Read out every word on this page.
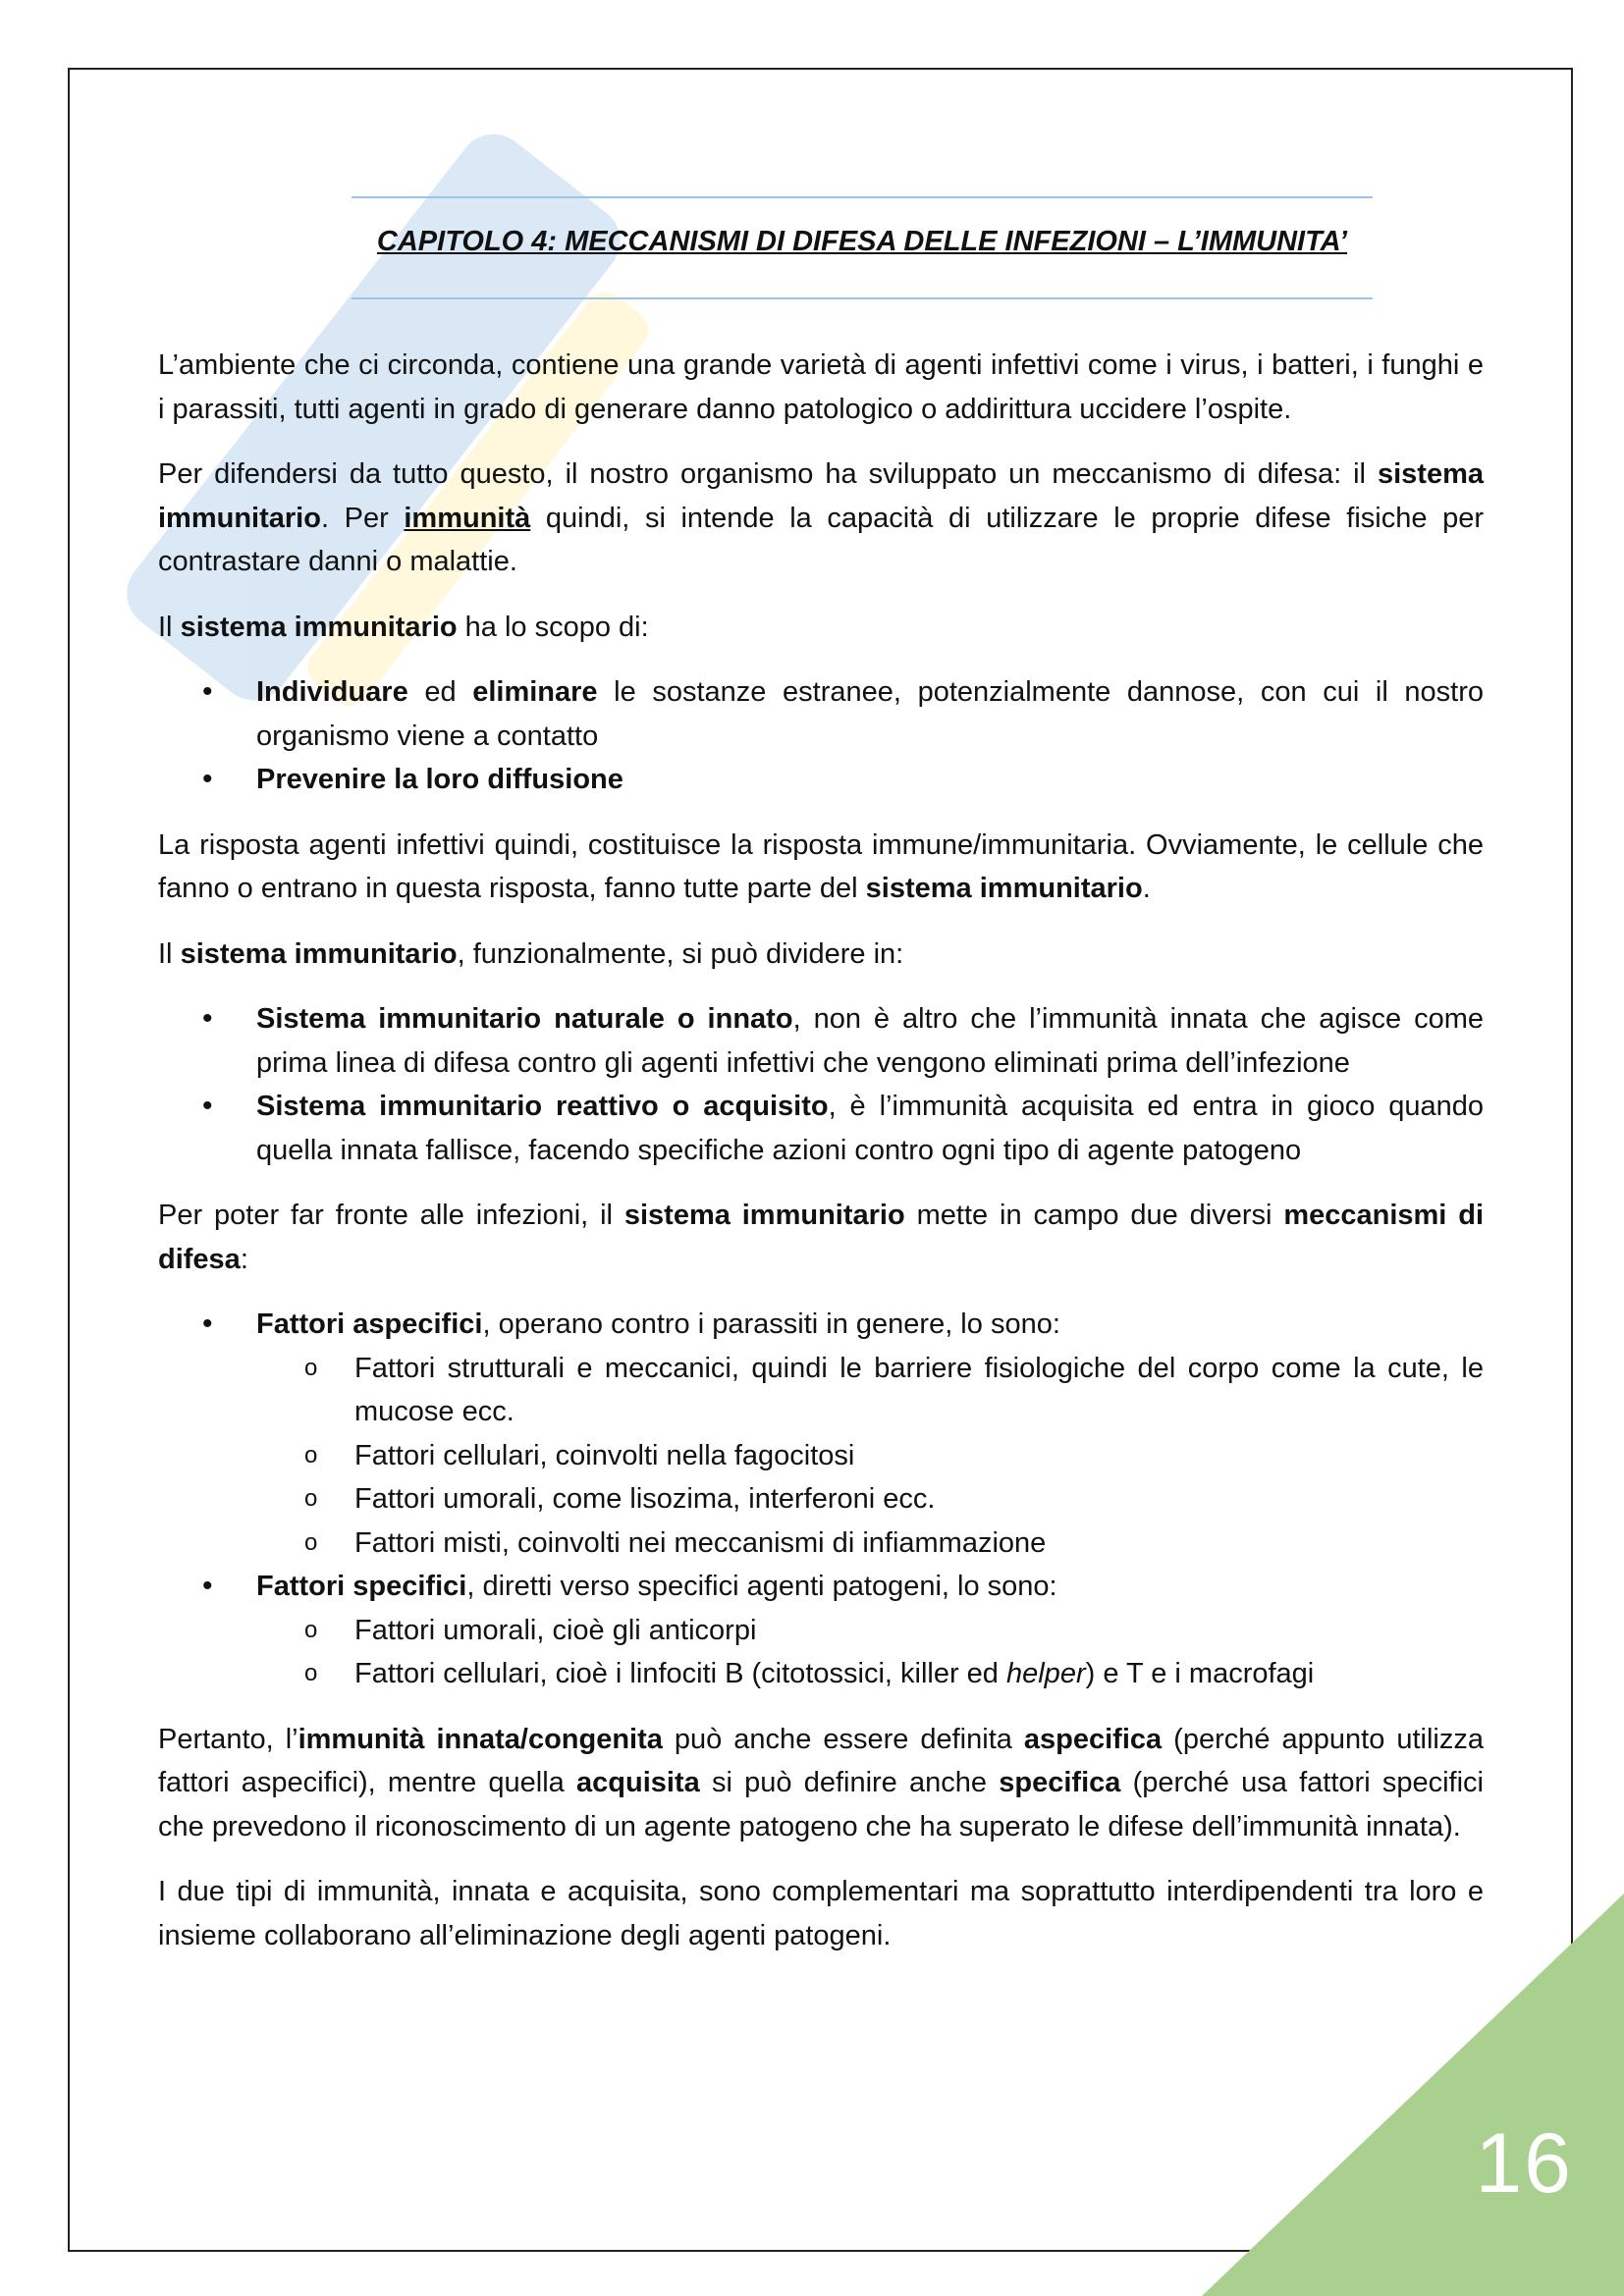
16
CAPITOLO 4: MECCANISMI DI DIFESA DELLE INFEZIONI – L’IMMUNITA’

L’ambiente che ci circonda, contiene una grande varietà di agenti infettivi come i virus, i batteri, i funghi e i parassiti, tutti agenti in grado di generare danno patologico o addirittura uccidere l’ospite.

Per difendersi da tutto questo, il nostro organismo ha sviluppato un meccanismo di difesa: il sistema immunitario. Per immunità quindi, si intende la capacità di utilizzare le proprie difese fisiche per contrastare danni o malattie.

Il sistema immunitario ha lo scopo di:

• Individuare ed eliminare le sostanze estranee, potenzialmente dannose, con cui il nostro organismo viene a contatto
• Prevenire la loro diffusione

La risposta agenti infettivi quindi, costituisce la risposta immune/immunitaria. Ovviamente, le cellule che fanno o entrano in questa risposta, fanno tutte parte del sistema immunitario.

Il sistema immunitario, funzionalmente, si può dividere in:

• Sistema immunitario naturale o innato, non è altro che l’immunità innata che agisce come prima linea di difesa contro gli agenti infettivi che vengono eliminati prima dell’infezione
• Sistema immunitario reattivo o acquisito, è l’immunità acquisita ed entra in gioco quando quella innata fallisce, facendo specifiche azioni contro ogni tipo di agente patogeno

Per poter far fronte alle infezioni, il sistema immunitario mette in campo due diversi meccanismi di difesa:

• Fattori aspecifici, operano contro i parassiti in genere, lo sono:
o Fattori strutturali e meccanici, quindi le barriere fisiologiche del corpo come la cute, le mucose ecc.
o Fattori cellulari, coinvolti nella fagocitosi
o Fattori umorali, come lisozima, interferoni ecc.
o Fattori misti, coinvolti nei meccanismi di infiammazione
• Fattori specifici, diretti verso specifici agenti patogeni, lo sono:
o Fattori umorali, cioè gli anticorpi
o Fattori cellulari, cioè i linfociti B (citotossici, killer ed helper) e T e i macrofagi

Pertanto, l’immunità innata/congenita può anche essere definita aspecifica (perché appunto utilizza fattori aspecifici), mentre quella acquisita si può definire anche specifica (perché usa fattori specifici che prevedono il riconoscimento di un agente patogeno che ha superato le difese dell’immunità innata).

I due tipi di immunità, innata e acquisita, sono complementari ma soprattutto interdipendenti tra loro e insieme collaborano all’eliminazione degli agenti patogeni.
